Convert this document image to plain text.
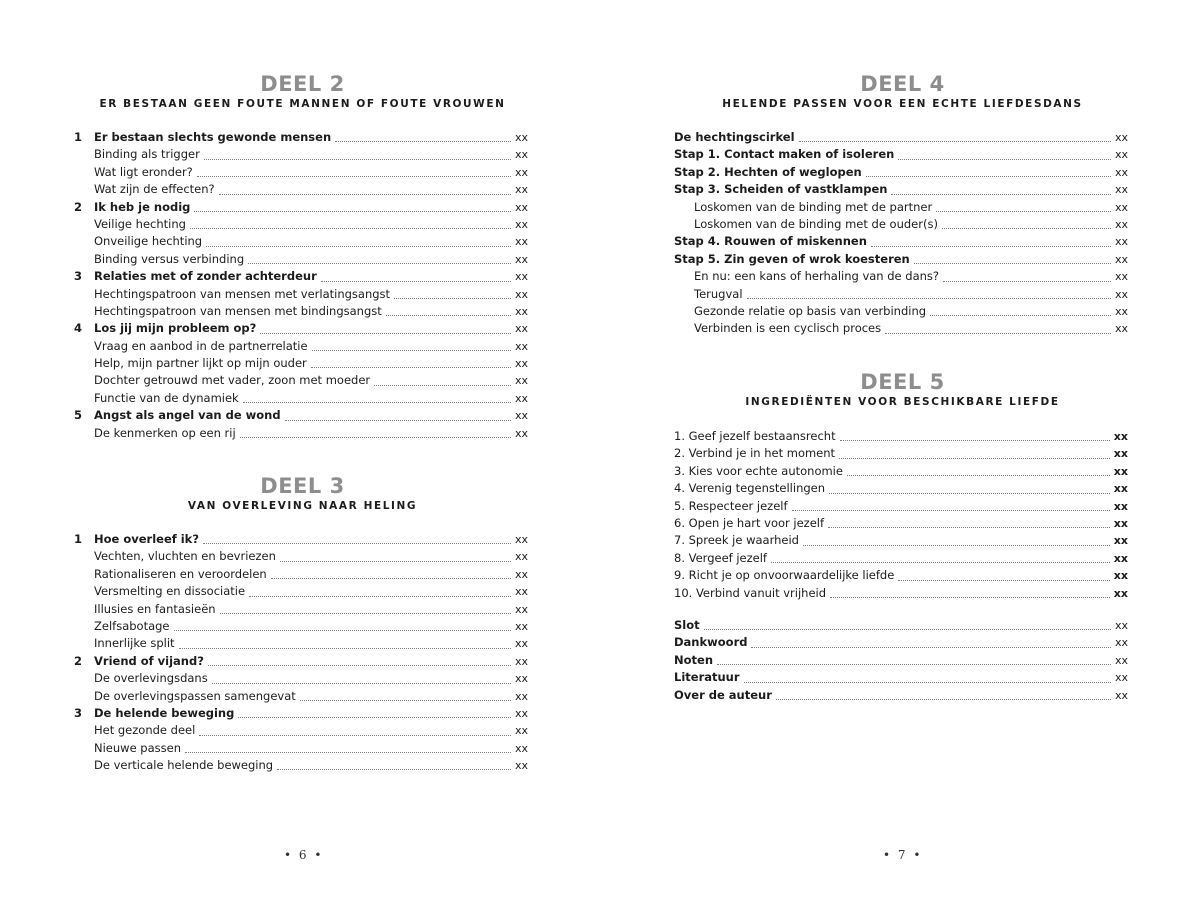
DEEL 2
ER BESTAAN GEEN FOUTE MANNEN OF FOUTE VROUWEN
1	Er bestaan slechts gewonde mensen	xx
Binding als trigger	xx
Wat ligt eronder?	xx
Wat zijn de effecten?	xx
2	Ik heb je nodig	xx
Veilige hechting	xx
Onveilige hechting	xx
Binding versus verbinding	xx
3	Relaties met of zonder achterdeur	xx
Hechtingspatroon van mensen met verlatingsangst	xx
Hechtingspatroon van mensen met bindingsangst	xx
4	Los jij mijn probleem op?	xx
Vraag en aanbod in de partnerrelatie	xx
Help, mijn partner lijkt op mijn ouder	xx
Dochter getrouwd met vader, zoon met moeder	xx
Functie van de dynamiek	xx
5	Angst als angel van de wond	xx
De kenmerken op een rij	xx
DEEL 3
VAN OVERLEVING NAAR HELING
1	Hoe overleef ik?	xx
Vechten, vluchten en bevriezen	xx
Rationaliseren en veroordelen	xx
Versmelting en dissociatie	xx
Illusies en fantasieën	xx
Zelfsabotage	xx
Innerlijke split	xx
2	Vriend of vijand?	xx
De overlevingsdans	xx
De overlevingspassen samengevat	xx
3	De helende beweging	xx
Het gezonde deel	xx
Nieuwe passen	xx
De verticale helende beweging	xx
• 6 •
DEEL 4
HELENDE PASSEN VOOR EEN ECHTE LIEFDESDANS
De hechtingscirkel	xx
Stap 1. Contact maken of isoleren	xx
Stap 2. Hechten of weglopen	xx
Stap 3. Scheiden of vastklampen	xx
Loskomen van de binding met de partner	xx
Loskomen van de binding met de ouder(s)	xx
Stap 4. Rouwen of miskennen	xx
Stap 5. Zin geven of wrok koesteren	xx
En nu: een kans of herhaling van de dans?	xx
Terugval	xx
Gezonde relatie op basis van verbinding	xx
Verbinden is een cyclisch proces	xx
DEEL 5
INGREDIËNTEN VOOR BESCHIKBARE LIEFDE
1. Geef jezelf bestaansrecht	xx
2. Verbind je in het moment	xx
3. Kies voor echte autonomie	xx
4. Verenig tegenstellingen	xx
5. Respecteer jezelf	xx
6. Open je hart voor jezelf	xx
7. Spreek je waarheid	xx
8. Vergeef jezelf	xx
9. Richt je op onvoorwaardelijke liefde	xx
10. Verbind vanuit vrijheid	xx
Slot	xx
Dankwoord	xx
Noten	xx
Literatuur	xx
Over de auteur	xx
• 7 •
